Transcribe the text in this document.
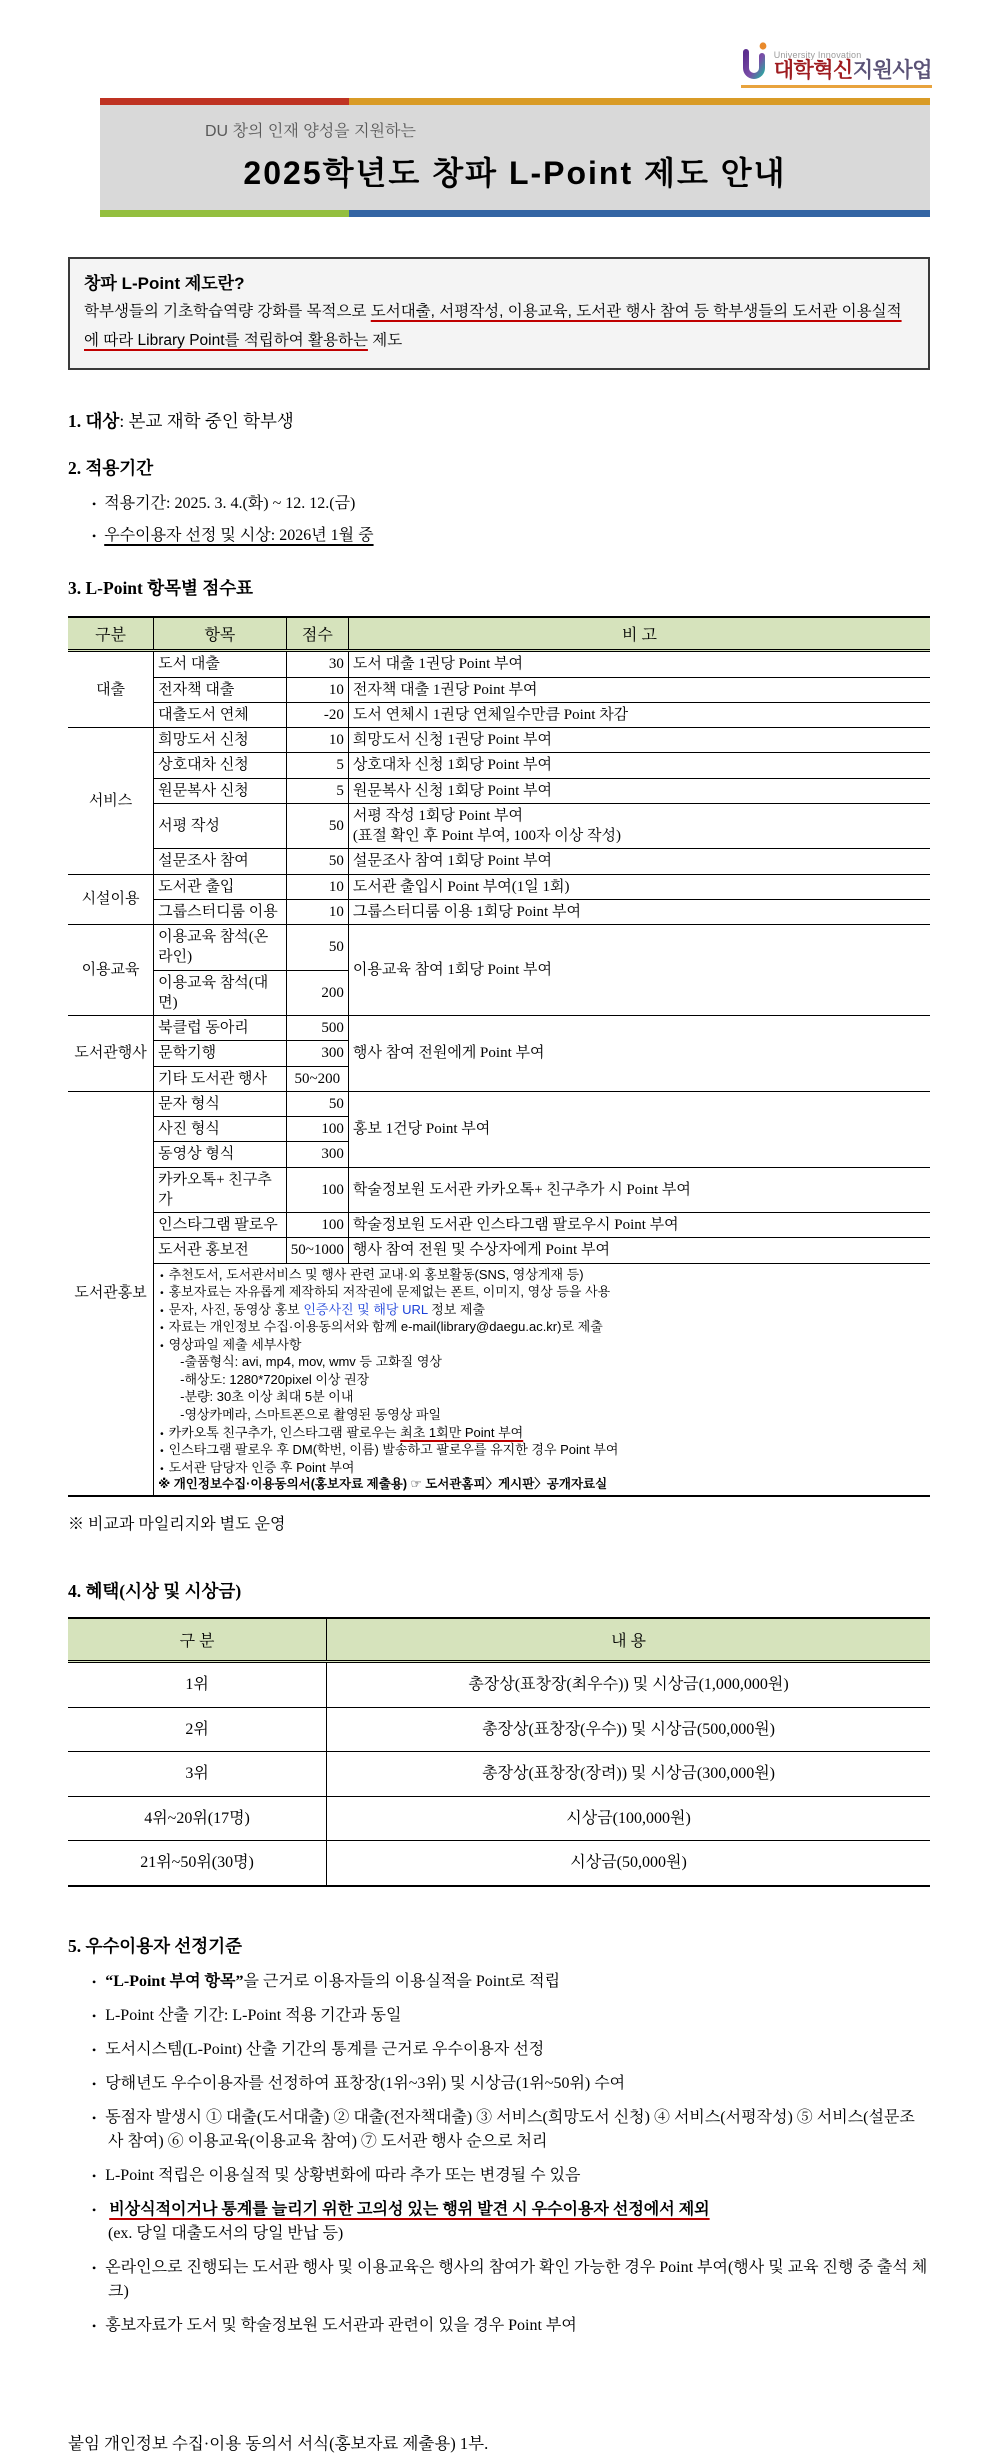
University Innovation
대학혁신지원사업
DU 창의 인재 양성을 지원하는
2025학년도 창파 L-Point 제도 안내
창파 L-Point 제도란?
학부생들의 기초학습역량 강화를 목적으로 도서대출, 서평작성, 이용교육, 도서관 행사 참여 등 학부생들의 도서관 이용실적에 따라 Library Point를 적립하여 활용하는 제도
1. 대상: 본교 재학 중인 학부생
2. 적용기간
• 적용기간: 2025. 3. 4.(화) ~ 12. 12.(금)
• 우수이용자 선정 및 시상: 2026년 1월 중
3. L-Point 항목별 점수표
구분	항목	점수	비 고
대출	도서 대출	30	도서 대출 1권당 Point 부여
	전자책 대출	10	전자책 대출 1권당 Point 부여
	대출도서 연체	-20	도서 연체시 1권당 연체일수만큼 Point 차감
서비스	희망도서 신청	10	희망도서 신청 1권당 Point 부여
	상호대차 신청	5	상호대차 신청 1회당 Point 부여
	원문복사 신청	5	원문복사 신청 1회당 Point 부여
	서평 작성	50	서평 작성 1회당 Point 부여
(표절 확인 후 Point 부여, 100자 이상 작성)

	설문조사 참여	50	설문조사 참여 1회당 Point 부여
시설이용	도서관 출입	10	도서관 출입시 Point 부여(1일 1회)
	그룹스터디룸 이용	10	그룹스터디룸 이용 1회당 Point 부여
이용교육	이용교육 참석(온라인)	50	이용교육 참여 1회당 Point 부여
	이용교육 참석(대면)	200	
도서관행사	북클럽 동아리	500	행사 참여 전원에게 Point 부여
	문학기행	300	
	기타 도서관 행사	50~200	
도서관홍보	문자 형식	50	홍보 1건당 Point 부여
	사진 형식	100	
	동영상 형식	300	
	카카오톡+ 친구추가	100	학술정보원 도서관 카카오톡+ 친구추가 시 Point 부여
	인스타그램 팔로우	100	학술정보원 도서관 인스타그램 팔로우시 Point 부여
	도서관 홍보전	50~1000	행사 참여 전원 및 수상자에게 Point 부여

• 추천도서, 도서관서비스 및 행사 관련 교내·외 홍보활동(SNS, 영상게재 등)
• 홍보자료는 자유롭게 제작하되 저작권에 문제없는 폰트, 이미지, 영상 등을 사용
• 문자, 사진, 동영상 홍보 인증사진 및 해당 URL 정보 제출
• 자료는 개인정보 수집·이용동의서와 함께 e-mail(library@daegu.ac.kr)로 제출
• 영상파일 제출 세부사항
-출품형식: avi, mp4, mov, wmv 등 고화질 영상
-해상도: 1280*720pixel 이상 권장
-분량: 30초 이상 최대 5분 이내
-영상카메라, 스마트폰으로 촬영된 동영상 파일
• 카카오톡 친구추가, 인스타그램 팔로우는 최초 1회만 Point 부여
• 인스타그램 팔로우 후 DM(학번, 이름) 발송하고 팔로우를 유지한 경우 Point 부여
• 도서관 담당자 인증 후 Point 부여
※ 개인정보수집·이용동의서(홍보자료 제출용) ☞ 도서관홈피〉게시판〉공개자료실
※ 비교과 마일리지와 별도 운영
4. 혜택(시상 및 시상금)
구 분	내 용
1위	총장상(표창장(최우수)) 및 시상금(1,000,000원)
2위	총장상(표창장(우수)) 및 시상금(500,000원)
3위	총장상(표창장(장려)) 및 시상금(300,000원)
4위~20위(17명)	시상금(100,000원)
21위~50위(30명)	시상금(50,000원)
5. 우수이용자 선정기준
• “L-Point 부여 항목”을 근거로 이용자들의 이용실적을 Point로 적립
• L-Point 산출 기간: L-Point 적용 기간과 동일
• 도서시스템(L-Point) 산출 기간의 통계를 근거로 우수이용자 선정
• 당해년도 우수이용자를 선정하여 표창장(1위~3위) 및 시상금(1위~50위) 수여
• 동점자 발생시 ① 대출(도서대출) ② 대출(전자책대출) ③ 서비스(희망도서 신청) ④ 서비스(서평작성) ⑤ 서비스(설문조사 참여) ⑥ 이용교육(이용교육 참여) ⑦ 도서관 행사 순으로 처리
• L-Point 적립은 이용실적 및 상황변화에 따라 추가 또는 변경될 수 있음
• 비상식적이거나 통계를 늘리기 위한 고의성 있는 행위 발견 시 우수이용자 선정에서 제외
(ex. 당일 대출도서의 당일 반납 등)
• 온라인으로 진행되는 도서관 행사 및 이용교육은 행사의 참여가 확인 가능한 경우 Point 부여(행사 및 교육 진행 중 출석 체크)
• 홍보자료가 도서 및 학술정보원 도서관과 관련이 있을 경우 Point 부여
붙임 개인정보 수집·이용 동의서 서식(홍보자료 제출용) 1부.
